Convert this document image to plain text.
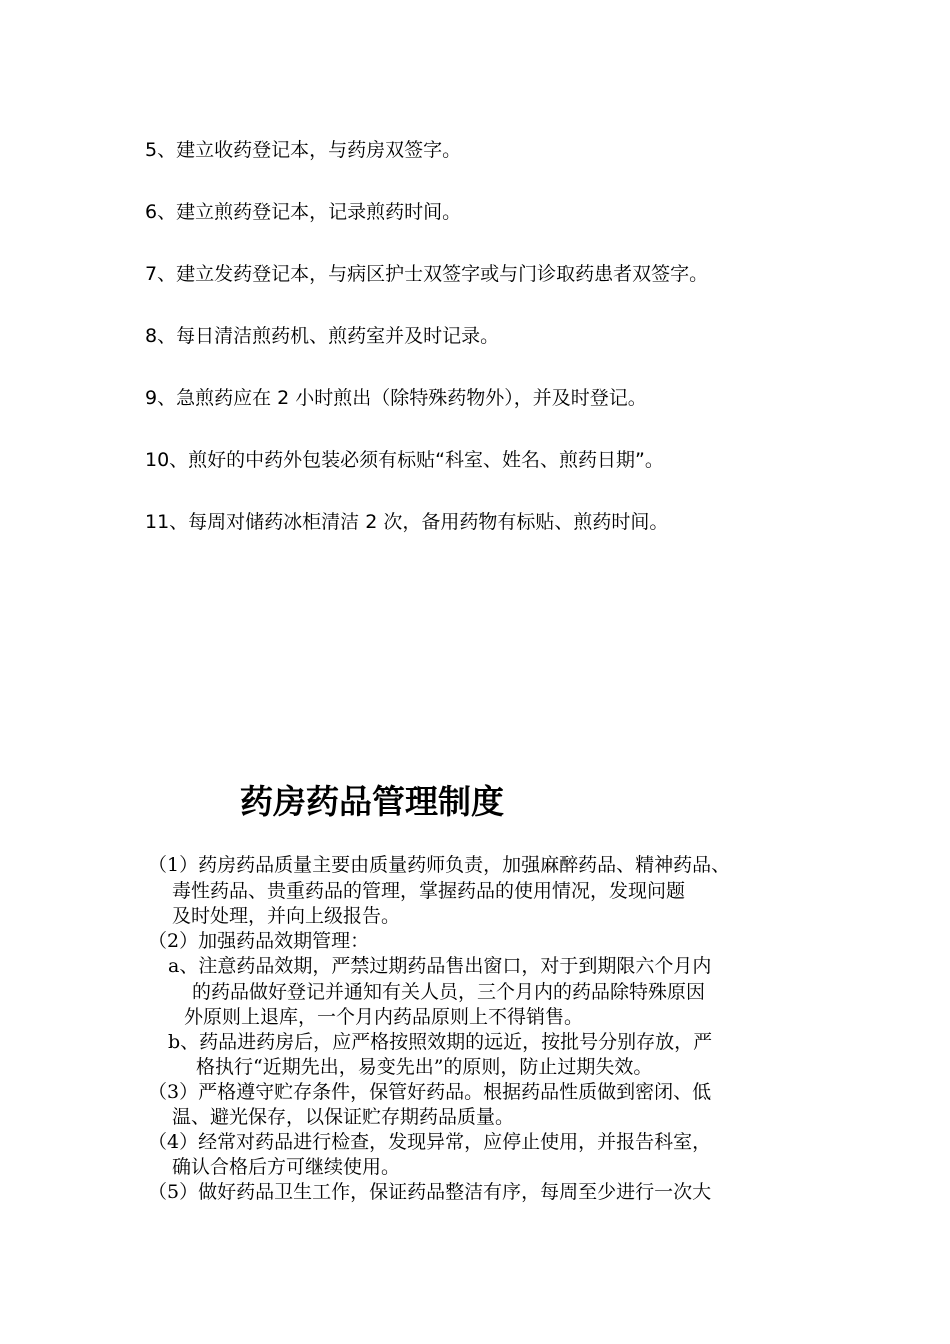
5、建立收药登记本，与药房双签字。
6、建立煎药登记本，记录煎药时间。
7、建立发药登记本，与病区护士双签字或与门诊取药患者双签字。
8、每日清洁煎药机、煎药室并及时记录。
9、急煎药应在 2 小时煎出（除特殊药物外），并及时登记。
10、煎好的中药外包装必须有标贴“科室、姓名、煎药日期”。
11、每周对储药冰柜清洁 2 次，备用药物有标贴、煎药时间。
药房药品管理制度
（1）药房药品质量主要由质量药师负责，加强麻醉药品、精神药品、
毒性药品、贵重药品的管理，掌握药品的使用情况，发现问题
及时处理，并向上级报告。
（2）加强药品效期管理：
a、注意药品效期，严禁过期药品售出窗口，对于到期限六个月内
的药品做好登记并通知有关人员，三个月内的药品除特殊原因
外原则上退库，一个月内药品原则上不得销售。
b、药品进药房后，应严格按照效期的远近，按批号分别存放，严
格执行“近期先出，易变先出”的原则，防止过期失效。
（3）严格遵守贮存条件，保管好药品。根据药品性质做到密闭、低
温、避光保存，以保证贮存期药品质量。
（4）经常对药品进行检查，发现异常，应停止使用，并报告科室，
确认合格后方可继续使用。
（5）做好药品卫生工作，保证药品整洁有序，每周至少进行一次大
